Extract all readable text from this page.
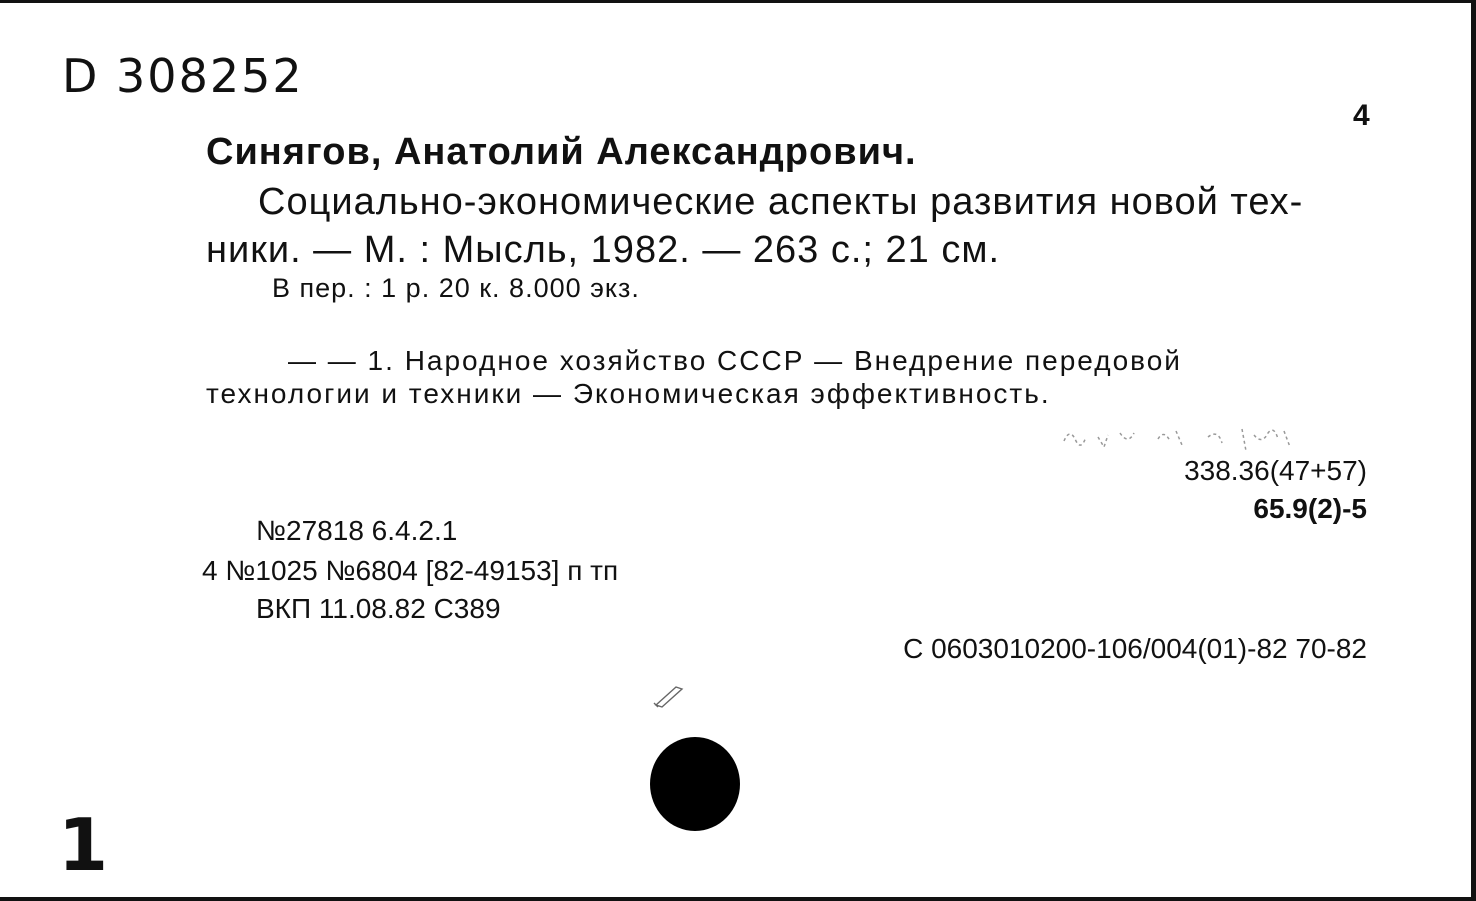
D 308252
4
Синягов, Анатолий Александрович.
Социально-экономические аспекты развития новой тех-
ники. — М. : Мысль, 1982. — 263 с.; 21 см.
В пер. : 1 р. 20 к. 8.000 экз.
— — 1. Народное хозяйство СССР — Внедрение передовой
технологии и техники — Экономическая эффективность.
338.36(47+57)
65.9(2)-5
№27818 6.4.2.1
4 №1025 №6804 [82-49153] п тп
ВКП 11.08.82 С389
С 0603010200-106/004(01)-82 70-82
1
